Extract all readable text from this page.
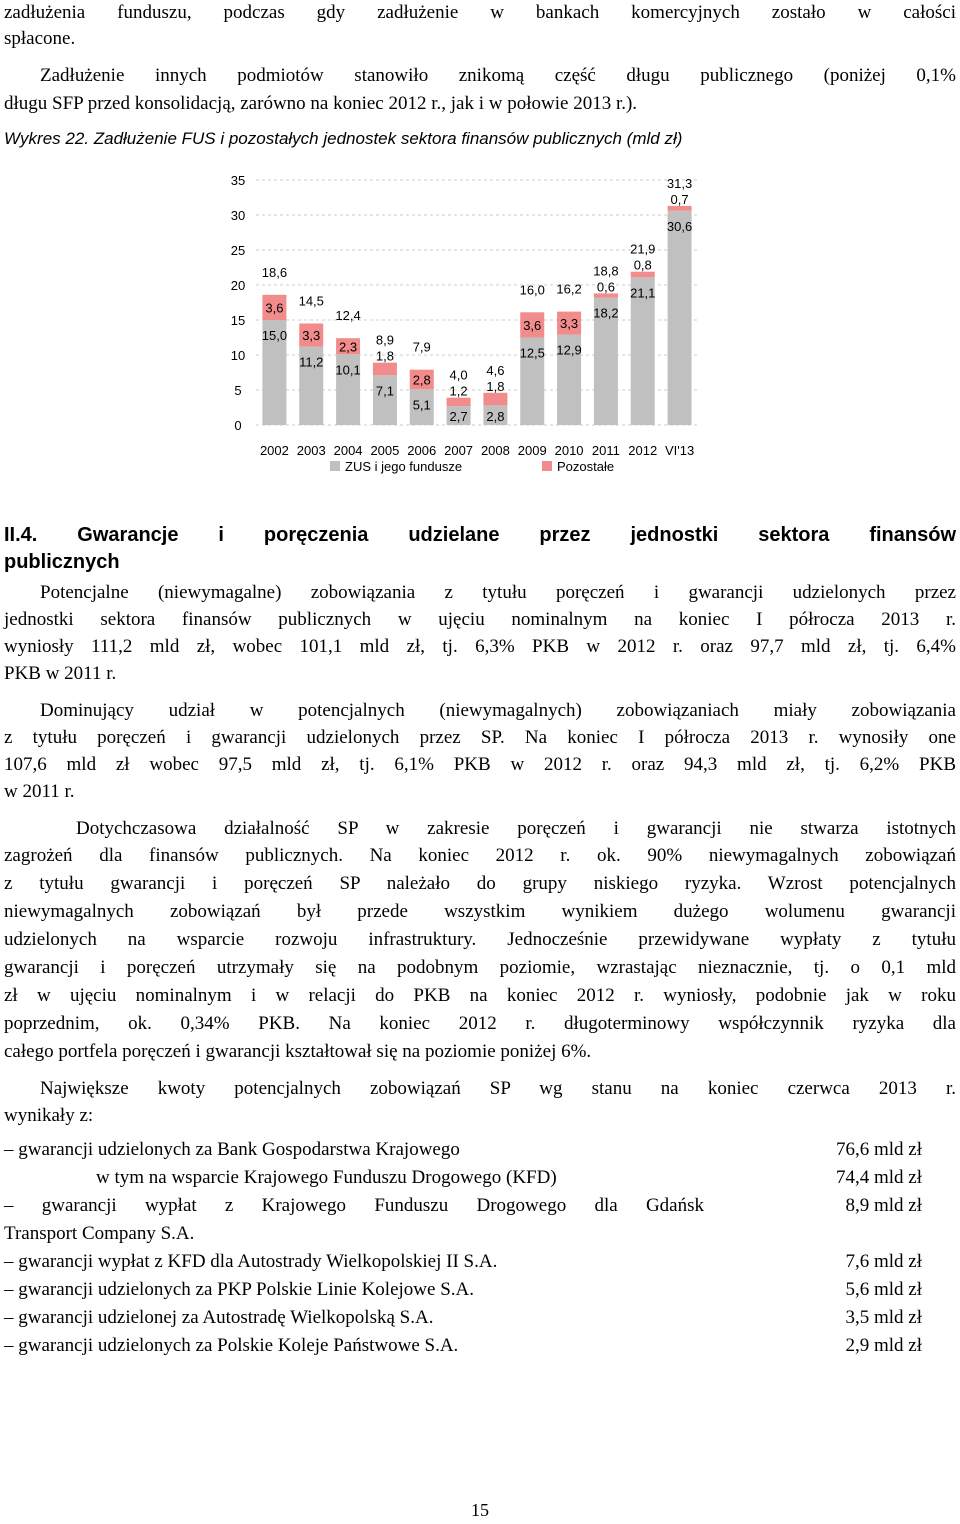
zadłużenia funduszu, podczas gdy zadłużenie w bankach komercyjnych zostało w całości
spłacone.
Zadłużenie innych podmiotów stanowiło znikomą część długu publicznego (poniżej 0,1%
długu SFP przed konsolidacją, zarówno na koniec 2012 r., jak i w połowie 2013 r.).
Wykres 22. Zadłużenie FUS i pozostałych jednostek sektora finansów publicznych (mld zł)
0
5
10
15
20
25
30
35
15,0
3,6
18,6
11,2
3,3
14,5
10,1
2,3
12,4
7,1
1,8
8,9
5,1
2,8
7,9
2,7
1,2
4,0
2,8
1,8
4,6
12,5
3,6
16,0
12,9
3,3
16,2
18,2
0,6
18,8
21,1
0,8
21,9
30,6
0,7
31,3
2002 2003 2004 2005 2006 2007 2008 2009 2010 2011 2012 VI'13
ZUS i jego fundusze	Pozostałe
II.4. Gwarancje i poręczenia udzielane przez jednostki sektora finansów
publicznych
Potencjalne (niewymagalne) zobowiązania z tytułu poręczeń i gwarancji udzielonych przez
jednostki sektora finansów publicznych w ujęciu nominalnym na koniec I półrocza 2013 r.
wyniosły 111,2 mld zł, wobec 101,1 mld zł, tj. 6,3% PKB w 2012 r. oraz 97,7 mld zł, tj. 6,4%
PKB w 2011 r.
Dominujący udział w potencjalnych (niewymagalnych) zobowiązaniach miały zobowiązania
z tytułu poręczeń i gwarancji udzielonych przez SP. Na koniec I półrocza 2013 r. wynosiły one
107,6 mld zł wobec 97,5 mld zł, tj. 6,1% PKB w 2012 r. oraz 94,3 mld zł, tj. 6,2% PKB
w 2011 r.
Dotychczasowa działalność SP w zakresie poręczeń i gwarancji nie stwarza istotnych
zagrożeń dla finansów publicznych. Na koniec 2012 r. ok. 90% niewymagalnych zobowiązań
z tytułu gwarancji i poręczeń SP należało do grupy niskiego ryzyka. Wzrost potencjalnych
niewymagalnych zobowiązań był przede wszystkim wynikiem dużego wolumenu gwarancji
udzielonych na wsparcie rozwoju infrastruktury. Jednocześnie przewidywane wypłaty z tytułu
gwarancji i poręczeń utrzymały się na podobnym poziomie, wzrastając nieznacznie, tj. o 0,1 mld
zł w ujęciu nominalnym i w relacji do PKB na koniec 2012 r. wyniosły, podobnie jak w roku
poprzednim, ok. 0,34% PKB. Na koniec 2012 r. długoterminowy współczynnik ryzyka dla
całego portfela poręczeń i gwarancji kształtował się na poziomie poniżej 6%.
Największe kwoty potencjalnych zobowiązań SP wg stanu na koniec czerwca 2013 r.
wynikały z:
– gwarancji udzielonych za Bank Gospodarstwa Krajowego	76,6 mld zł
w tym na wsparcie Krajowego Funduszu Drogowego (KFD)	74,4 mld zł
– gwarancji wypłat z Krajowego Funduszu Drogowego dla Gdańsk	8,9 mld zł
Transport Company S.A.
– gwarancji wypłat z KFD dla Autostrady Wielkopolskiej II S.A.	7,6 mld zł
– gwarancji udzielonych za PKP Polskie Linie Kolejowe S.A.	5,6 mld zł
– gwarancji udzielonej za Autostradę Wielkopolską S.A.	3,5 mld zł
– gwarancji udzielonych za Polskie Koleje Państwowe S.A.	2,9 mld zł
15
